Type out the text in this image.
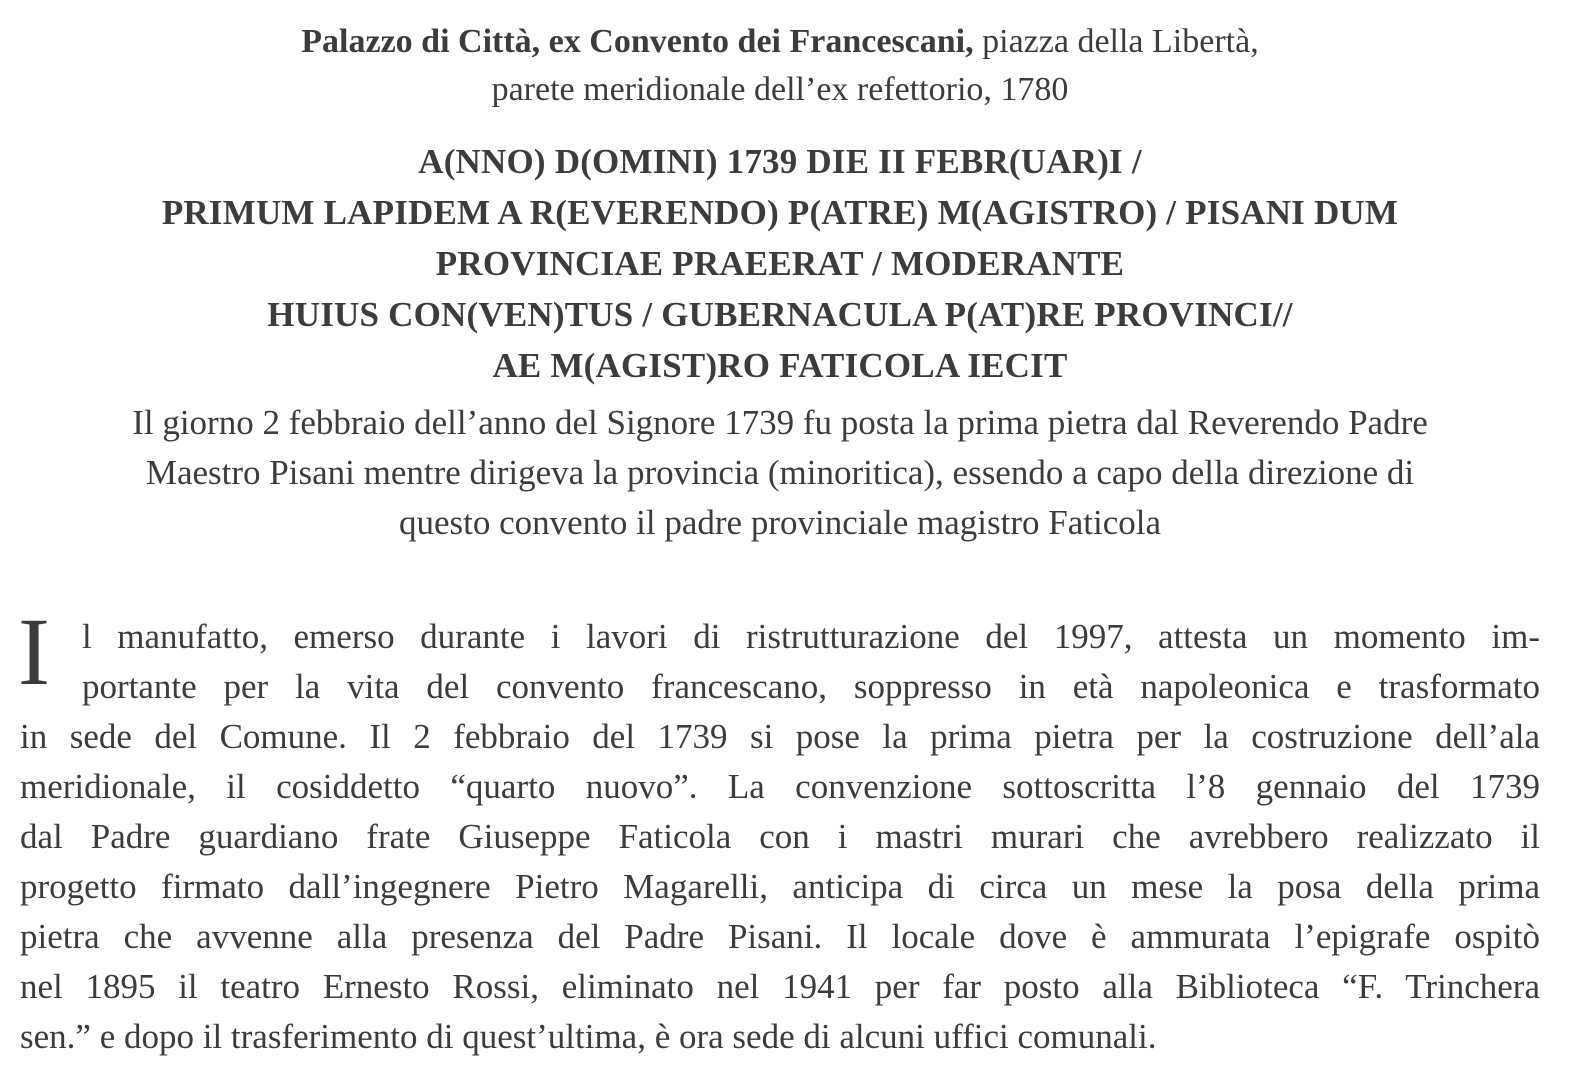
Palazzo di Città, ex Convento dei Francescani, piazza della Libertà,
parete meridionale dell’ex refettorio, 1780
A(NNO) D(OMINI) 1739 DIE II FEBR(UAR)I /
PRIMUM LAPIDEM A R(EVERENDO) P(ATRE) M(AGISTRO) / PISANI DUM
PROVINCIAE PRAEERAT / MODERANTE
HUIUS CON(VEN)TUS / GUBERNACULA P(AT)RE PROVINCI//
AE M(AGIST)RO FATICOLA IECIT
Il giorno 2 febbraio dell’anno del Signore 1739 fu posta la prima pietra dal Reverendo Padre
Maestro Pisani mentre dirigeva la provincia (minoritica), essendo a capo della direzione di
questo convento il padre provinciale magistro Faticola
I l manufatto, emerso durante i lavori di ristrutturazione del 1997, attesta un momento im-
portante per la vita del convento francescano, soppresso in età napoleonica e trasformato
in sede del Comune. Il 2 febbraio del 1739 si pose la prima pietra per la costruzione dell’ala
meridionale, il cosiddetto “quarto nuovo”. La convenzione sottoscritta l’8 gennaio del 1739
dal Padre guardiano frate Giuseppe Faticola con i mastri murari che avrebbero realizzato il
progetto firmato dall’ingegnere Pietro Magarelli, anticipa di circa un mese la posa della prima
pietra che avvenne alla presenza del Padre Pisani. Il locale dove è ammurata l’epigrafe ospitò
nel 1895 il teatro Ernesto Rossi, eliminato nel 1941 per far posto alla Biblioteca “F. Trinchera
sen.” e dopo il trasferimento di quest’ultima, è ora sede di alcuni uffici comunali.
